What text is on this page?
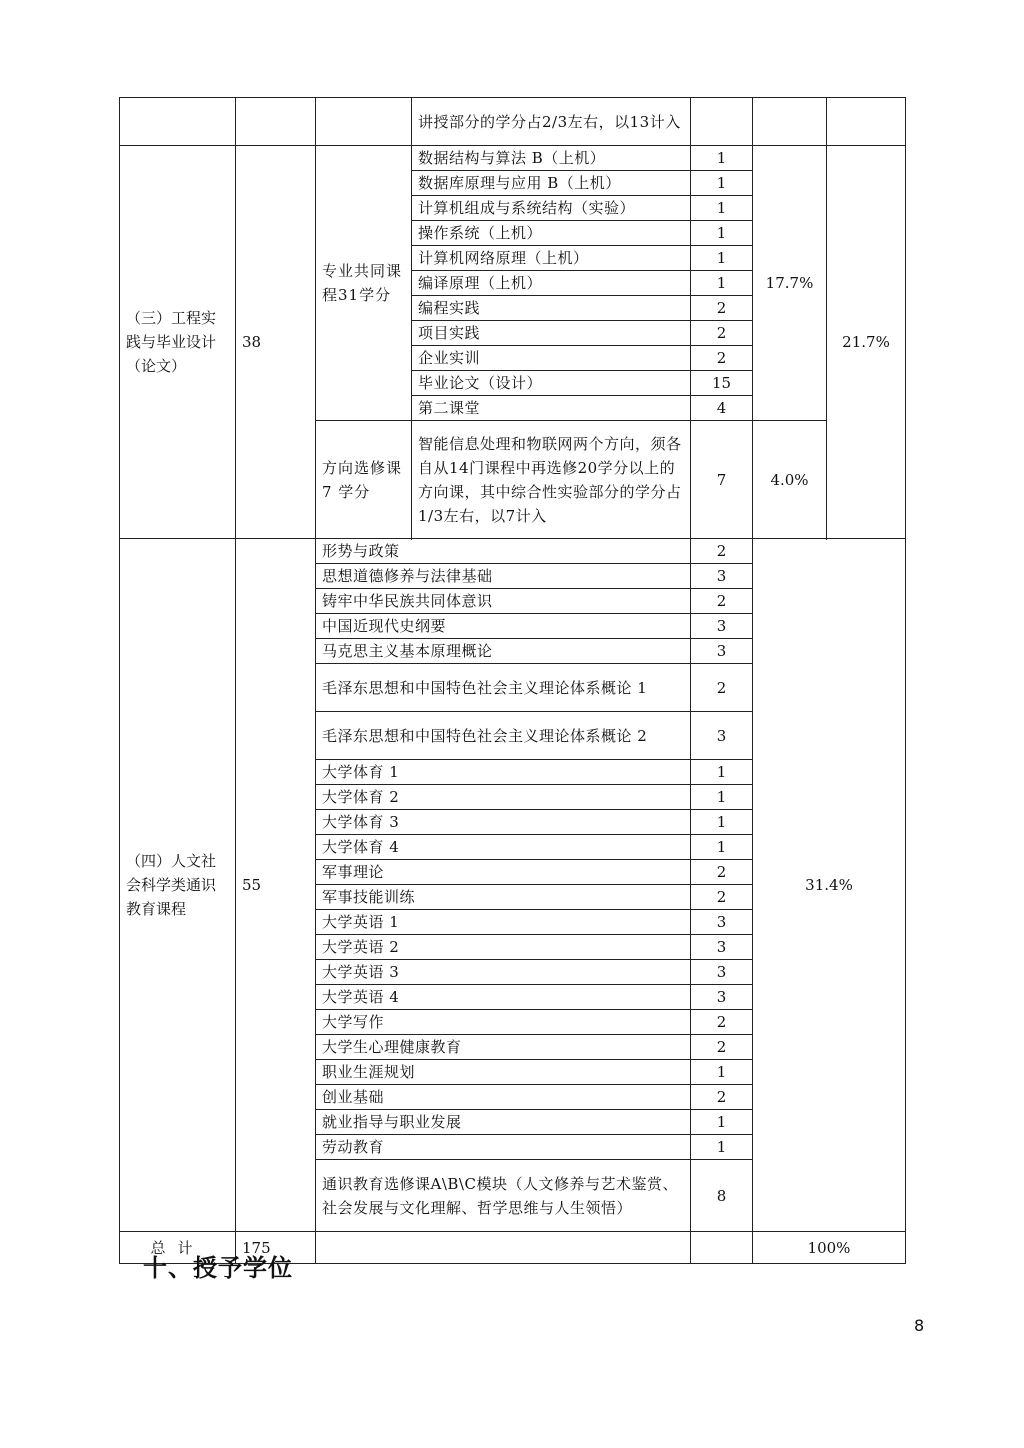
			讲授部分的学分占2/3左右，以13计入			
（三）工程实践与毕业设计（论文）	38	专业共同课程31学分	数据结构与算法 B（上机）	1	17.7%	21.7%
			数据库原理与应用 B（上机）	1		
			计算机组成与系统结构（实验）	1		
			操作系统（上机）	1		
			计算机网络原理（上机）	1		
			编译原理（上机）	1		
			编程实践	2		
			项目实践	2		
			企业实训	2		
			毕业论文（设计）	15		
			第二课堂	4		
		方向选修课 7 学分	智能信息处理和物联网两个方向，须各自从14门课程中再选修20学分以上的方向课，其中综合性实验部分的学分占1/3左右，以7计入	7	4.0%	

（四）人文社会科学类通识教育课程	55	形势与政策		2	31.4%	
		思想道德修养与法律基础		3		
		铸牢中华民族共同体意识		2		
		中国近现代史纲要		3		
		马克思主义基本原理概论		3		
		毛泽东思想和中国特色社会主义理论体系概论 1		2		
		毛泽东思想和中国特色社会主义理论体系概论 2		3		
		大学体育 1		1		
		大学体育 2		1		
		大学体育 3		1		
		大学体育 4		1		
		军事理论		2		
		军事技能训练		2		
		大学英语 1		3		
		大学英语 2		3		
		大学英语 3		3		
		大学英语 4		3		
		大学写作		2		
		大学生心理健康教育		2		
		职业生涯规划		1		
		创业基础		2		
		就业指导与职业发展		1		
		劳动教育		1		
		通识教育选修课A\B\C模块（人文修养与艺术鉴赏、社会发展与文化理解、哲学思维与人生领悟）		8		
总计	175				100%	
十、授予学位
8
